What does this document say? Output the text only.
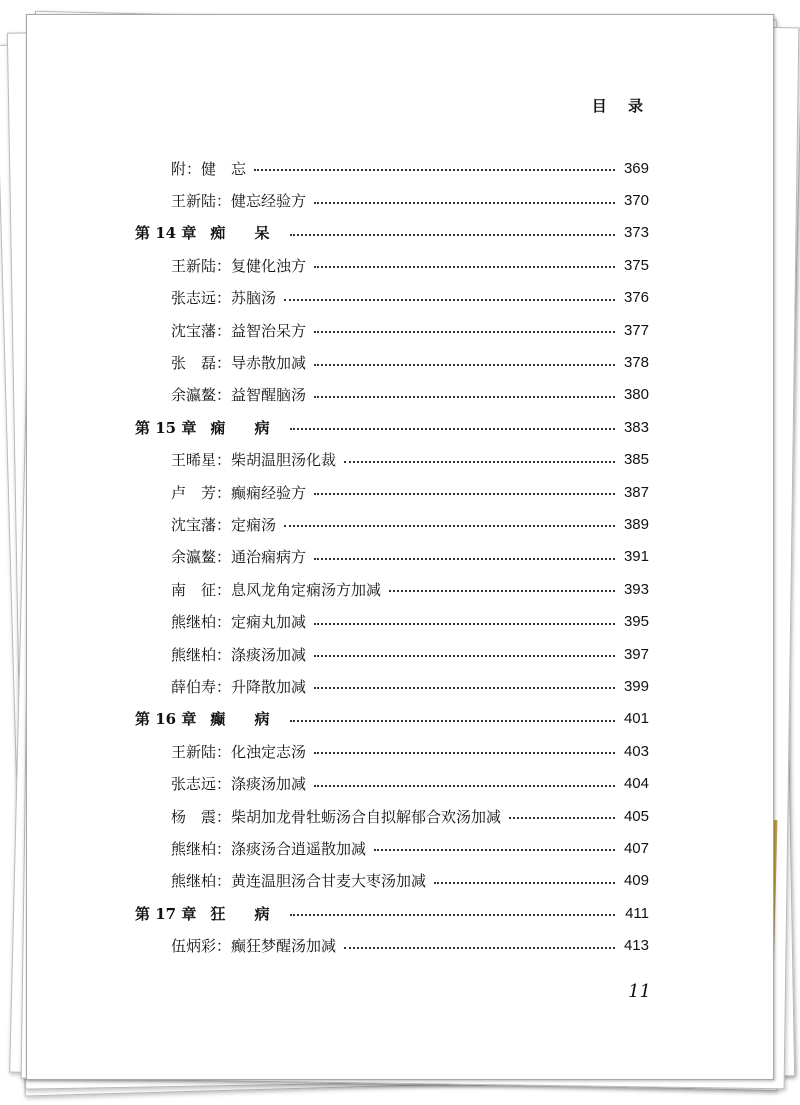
目 录
附：健　忘	369
王新陆： 健忘经验方	370
第 14 章 痴 呆	373
王新陆： 复健化浊方	375
张志远： 苏脑汤	376
沈宝藩： 益智治呆方	377
张　磊： 导赤散加减	378
余瀛鳌： 益智醒脑汤	380
第 15 章 痫 病	383
王晞星： 柴胡温胆汤化裁	385
卢　芳： 癫痫经验方	387
沈宝藩： 定痫汤	389
余瀛鳌： 通治痫病方	391
南　征： 息风龙角定痫汤方加减	393
熊继柏： 定痫丸加减	395
熊继柏： 涤痰汤加减	397
薛伯寿： 升降散加减	399
第 16 章 癫 病	401
王新陆： 化浊定志汤	403
张志远： 涤痰汤加减	404
杨　震： 柴胡加龙骨牡蛎汤合自拟解郁合欢汤加减	405
熊继柏： 涤痰汤合逍遥散加减	407
熊继柏： 黄连温胆汤合甘麦大枣汤加减	409
第 17 章 狂 病	411
伍炳彩： 癫狂梦醒汤加减	413
11
